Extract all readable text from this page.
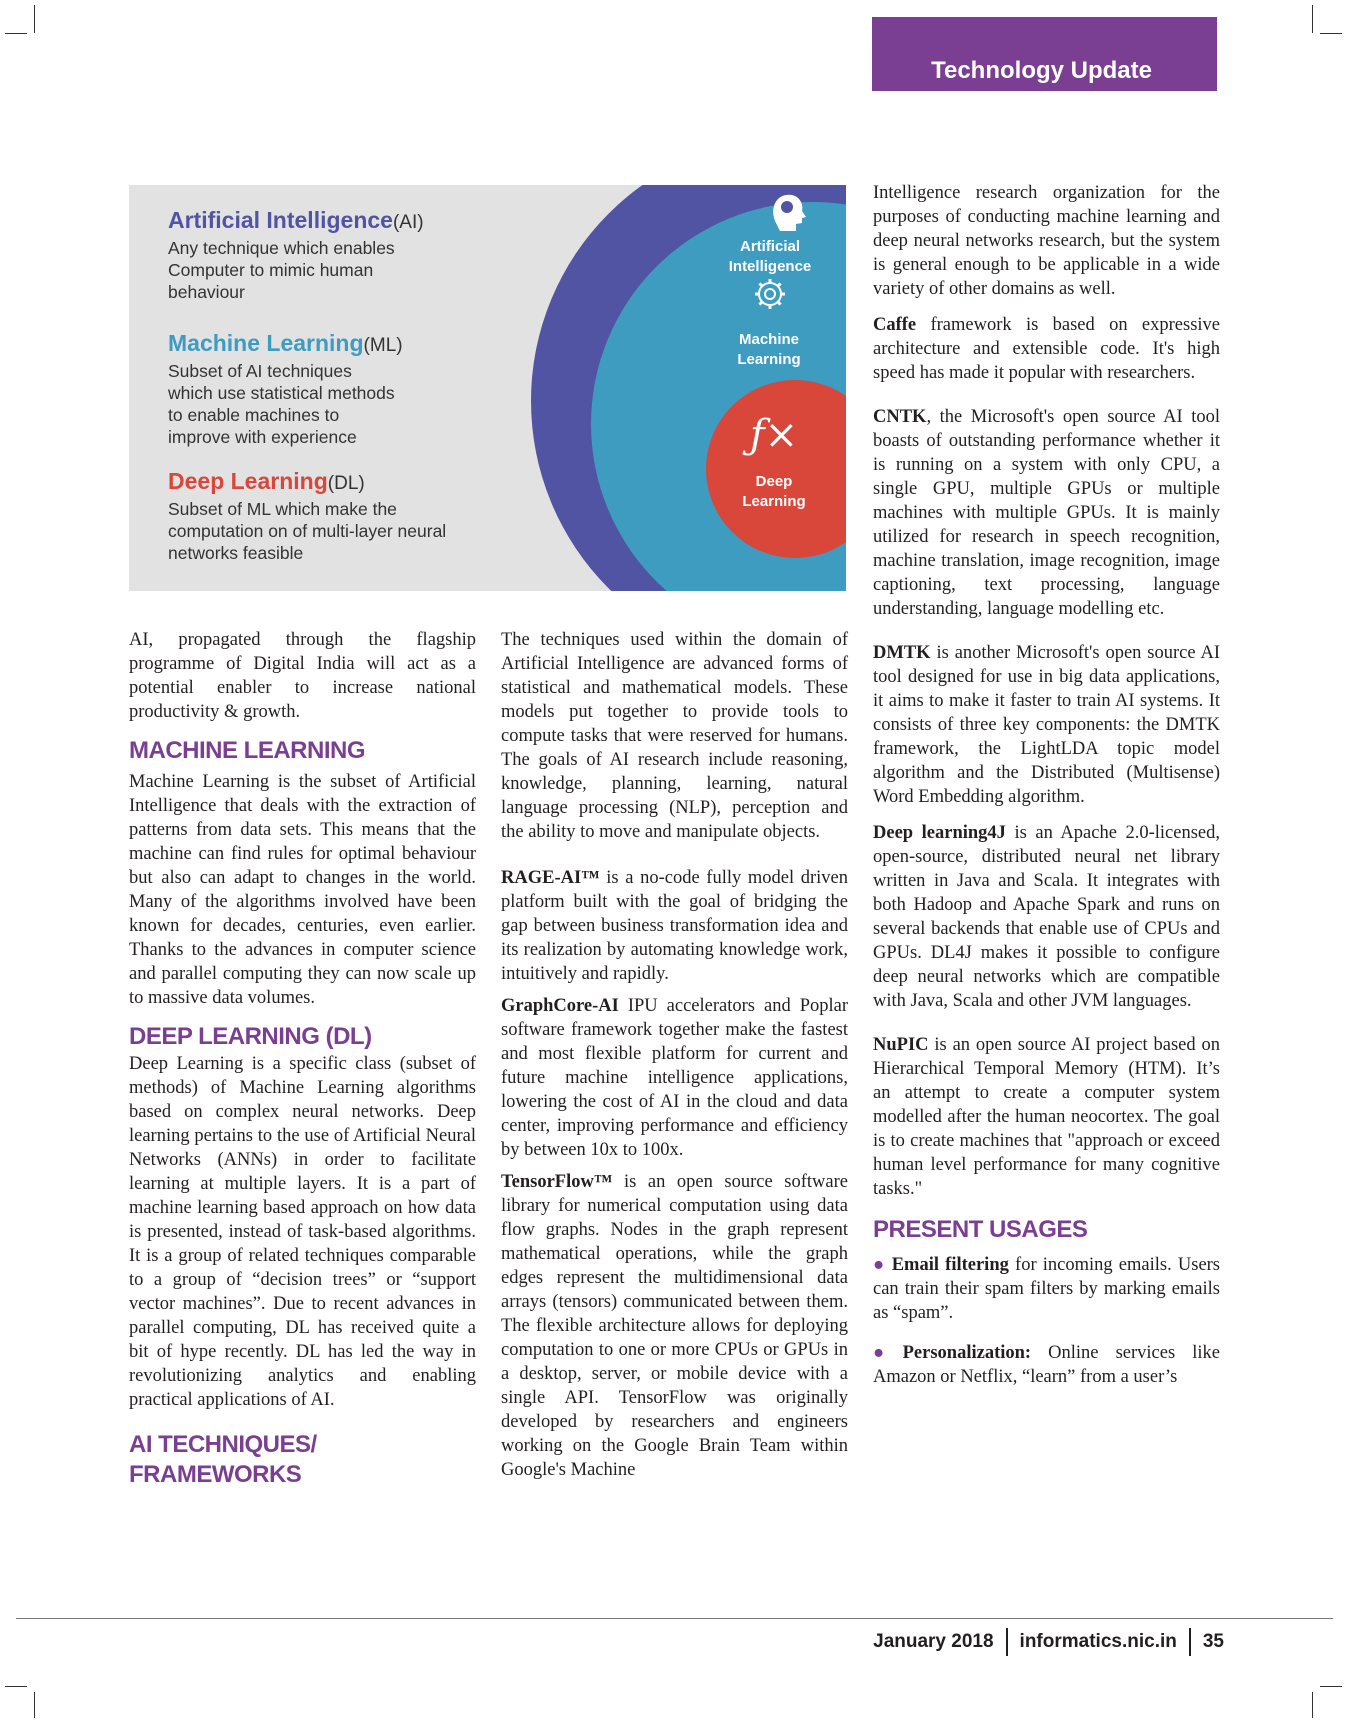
Technology Update
Artificial Intelligence(AI)
Any technique which enables
Computer to mimic human
behaviour
Machine Learning(ML)
Subset of AI techniques
which use statistical methods
to enable machines to
improve with experience
Deep Learning(DL)
Subset of ML which make the
computation on of multi-layer neural
networks feasible
Artificial
Intelligence
Machine
Learning
ƒ×
Deep
Learning

AI, propagated through the flagship programme of Digital India will act as a potential enabler to increase national productivity & growth.

MACHINE LEARNING

Machine Learning is the subset of Artificial Intelligence that deals with the extraction of patterns from data sets. This means that the machine can find rules for optimal behaviour but also can adapt to changes in the world. Many of the algorithms involved have been known for decades, centuries, even earlier. Thanks to the advances in computer science and parallel computing they can now scale up to massive data volumes.

DEEP LEARNING (DL)

Deep Learning is a specific class (subset of methods) of Machine Learning algorithms based on complex neural networks. Deep learning pertains to the use of Artificial Neural Networks (ANNs) in order to facilitate learning at multiple layers. It is a part of machine learning based approach on how data is presented, instead of task-based algorithms. It is a group of related techniques comparable to a group of “decision trees” or “support vector machines”. Due to recent advances in parallel computing, DL has received quite a bit of hype recently. DL has led the way in revolutionizing analytics and enabling practical applications of AI.

AI TECHNIQUES/
FRAMEWORKS

The techniques used within the domain of Artificial Intelligence are advanced forms of statistical and mathematical models. These models put together to provide tools to compute tasks that were reserved for humans. The goals of AI research include reasoning, knowledge, planning, learning, natural language processing (NLP), perception and the ability to move and manipulate objects.

RAGE-AI™ is a no-code fully model driven platform built with the goal of bridging the gap between business transformation idea and its realization by automating knowledge work, intuitively and rapidly.

GraphCore-AI IPU accelerators and Poplar software framework together make the fastest and most flexible platform for current and future machine intelligence applications, lowering the cost of AI in the cloud and data center, improving performance and efficiency by between 10x to 100x.

TensorFlow™ is an open source software library for numerical computation using data flow graphs. Nodes in the graph represent mathematical operations, while the graph edges represent the multidimensional data arrays (tensors) communicated between them. The flexible architecture allows for deploying computation to one or more CPUs or GPUs in a desktop, server, or mobile device with a single API. TensorFlow was originally developed by researchers and engineers working on the Google Brain Team within Google's Machine

Intelligence research organization for the purposes of conducting machine learning and deep neural networks research, but the system is general enough to be applicable in a wide variety of other domains as well.

Caffe framework is based on expressive architecture and extensible code. It's high speed has made it popular with researchers.

CNTK, the Microsoft's open source AI tool boasts of outstanding performance whether it is running on a system with only CPU, a single GPU, multiple GPUs or multiple machines with multiple GPUs. It is mainly utilized for research in speech recognition, machine translation, image recognition, image captioning, text processing, language understanding, language modelling etc.

DMTK is another Microsoft's open source AI tool designed for use in big data applications, it aims to make it faster to train AI systems. It consists of three key components: the DMTK framework, the LightLDA topic model algorithm and the Distributed (Multisense) Word Embedding algorithm.

Deep learning4J is an Apache 2.0-licensed, open-source, distributed neural net library written in Java and Scala. It integrates with both Hadoop and Apache Spark and runs on several backends that enable use of CPUs and GPUs. DL4J makes it possible to configure deep neural networks which are compatible with Java, Scala and other JVM languages.

NuPIC is an open source AI project based on Hierarchical Temporal Memory (HTM). It’s an attempt to create a computer system modelled after the human neocortex. The goal is to create machines that "approach or exceed human level performance for many cognitive tasks."

PRESENT USAGES

● Email filtering for incoming emails. Users can train their spam filters by marking emails as “spam”.

● Personalization: Online services like Amazon or Netflix, “learn” from a user’s

January 2018 informatics.nic.in 35
